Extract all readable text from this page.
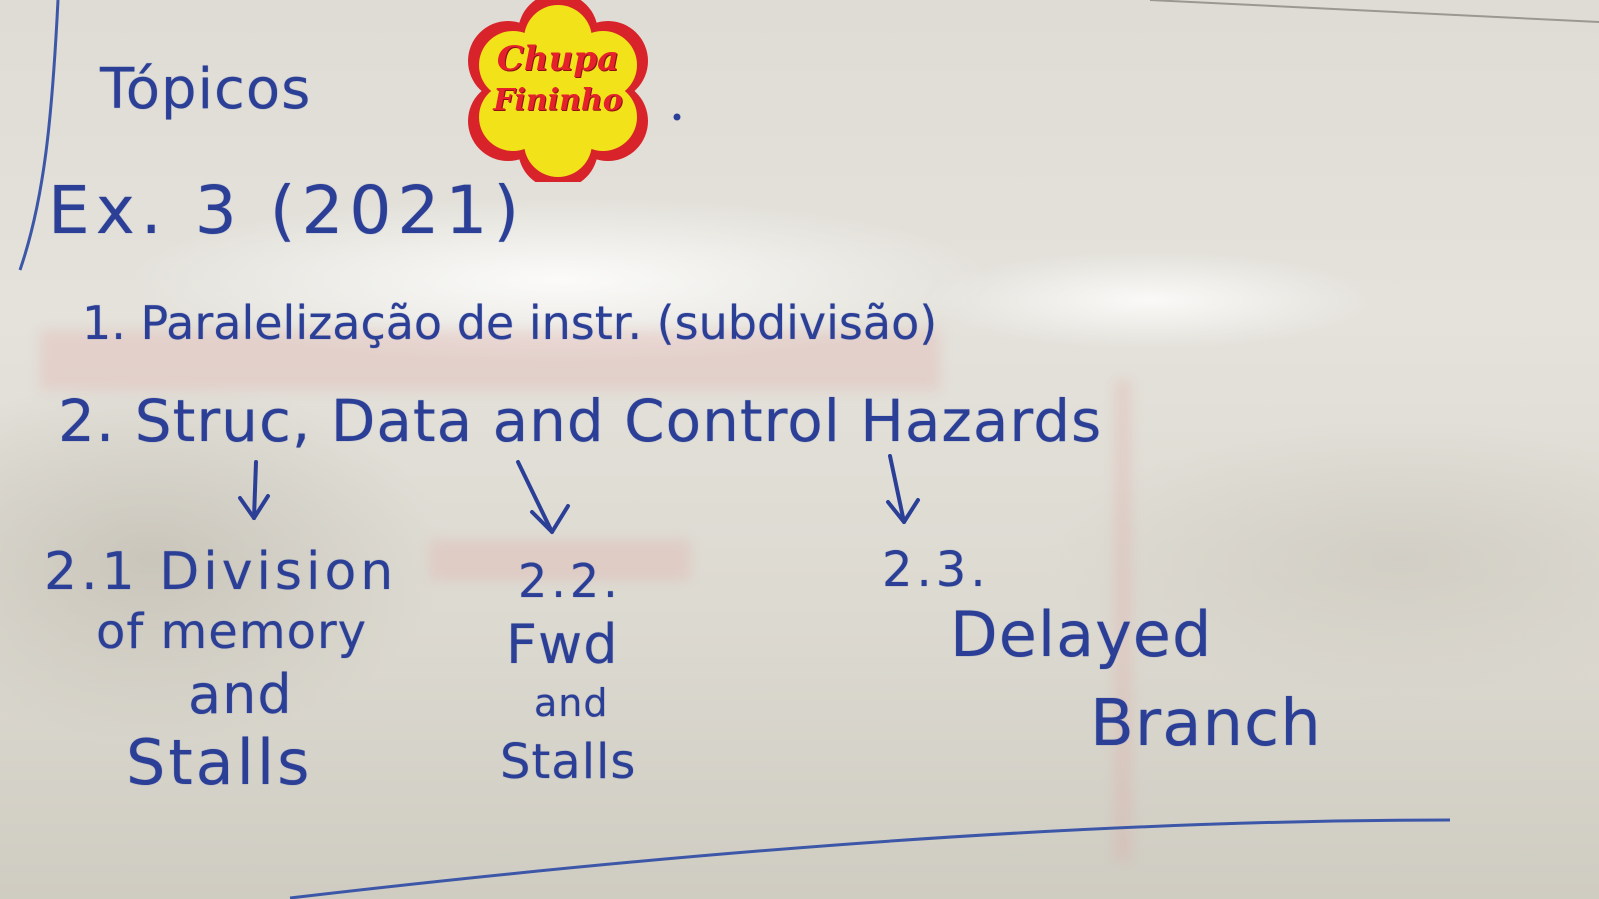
Tópicos	Chupa
Fininho

Ex. 3 (2021)

1. Paralelização de instr. (subdivisão)

2. Struc, Data and Control Hazards

2.1 Division

of memory

and

Stalls

2.2.

Fwd

and

Stalls

2.3.

Delayed

Branch
